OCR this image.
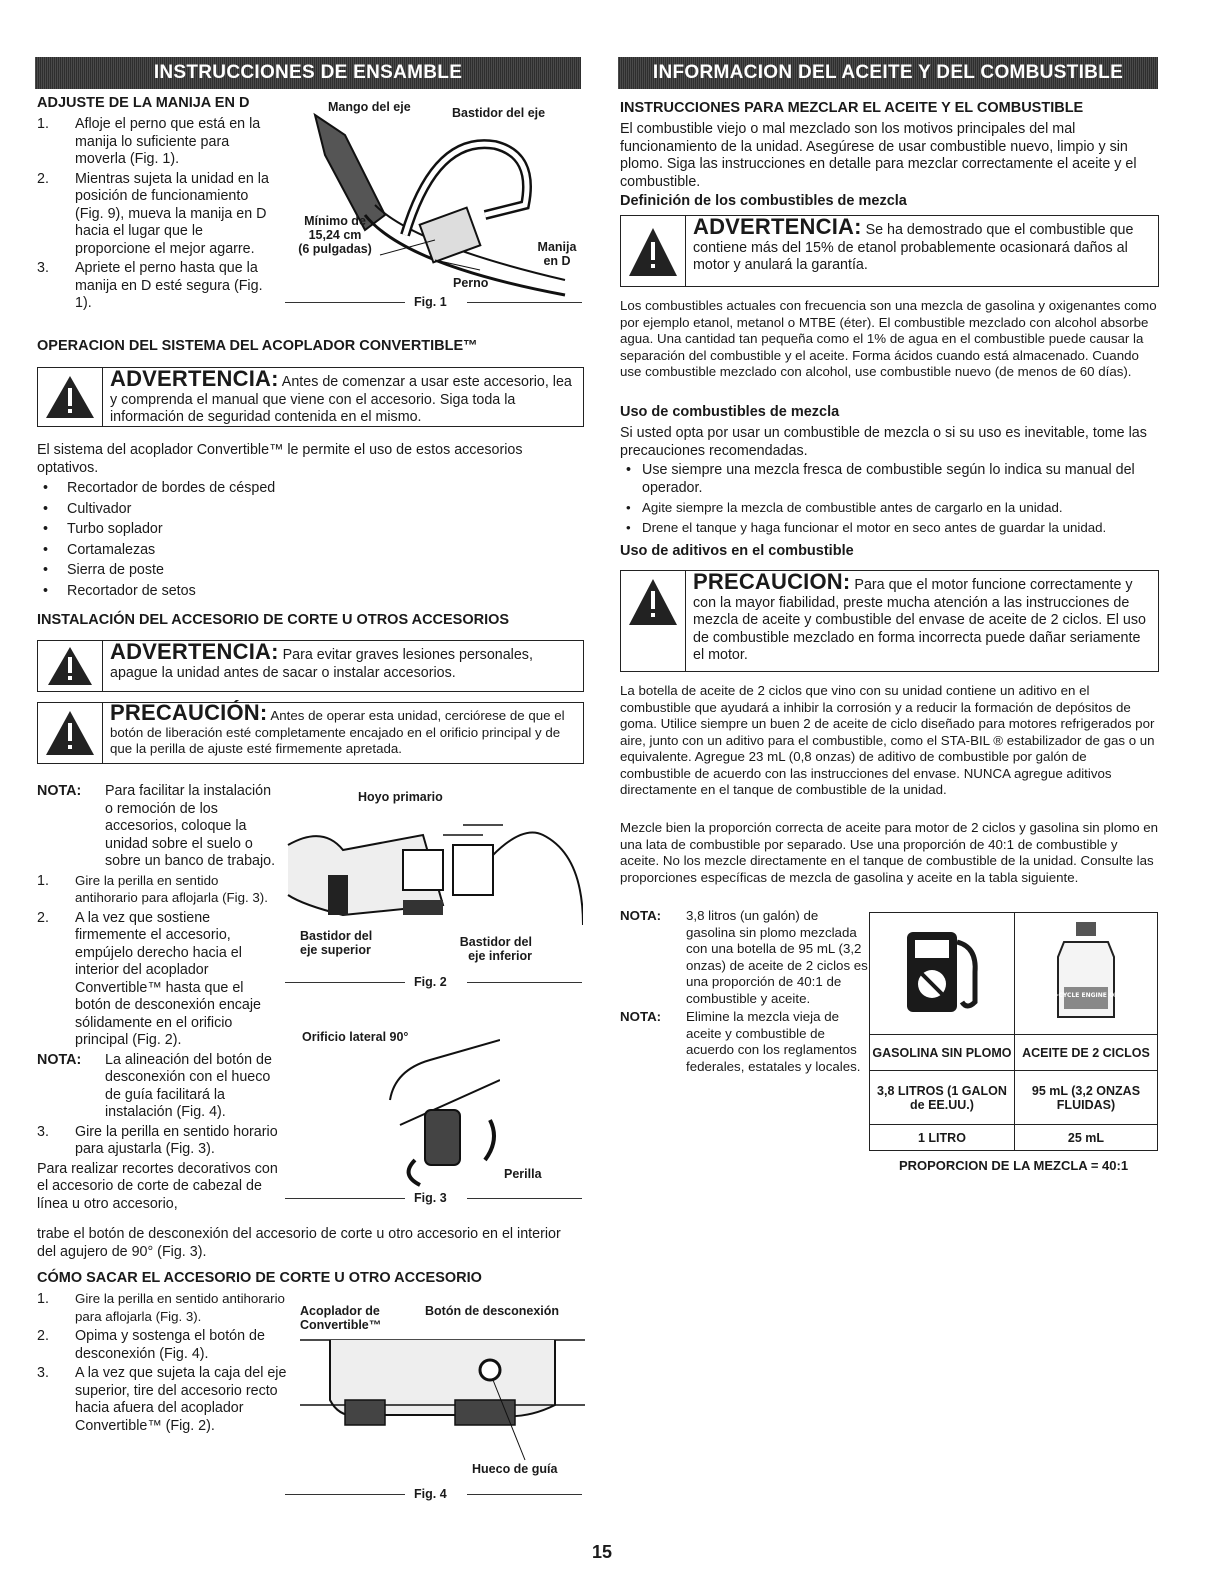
INSTRUCCIONES DE ENSAMBLE	INFORMACION DEL ACEITE Y DEL COMBUSTIBLE
ADJUSTE DE LA MANIJA EN D
1. Afloje el perno que está en la manija lo suficiente para moverla (Fig. 1).
2. Mientras sujeta la unidad en la posición de funcionamiento (Fig. 9), mueva la manija en D hacia el lugar que le proporcione el mejor agarre.
3. Apriete el perno hasta que la manija en D esté segura (Fig. 1).
Mango del eje	Bastidor del eje
Mínimo de
15,24 cm
(6 pulgadas)	Manija
en D
Perno
Fig. 1
OPERACION DEL SISTEMA DEL ACOPLADOR CONVERTIBLE™
ADVERTENCIA: Antes de comenzar a usar este accesorio, lea y comprenda el manual que viene con el accesorio. Siga toda la información de seguridad contenida en el mismo.
El sistema del acoplador Convertible™ le permite el uso de estos accesorios optativos.
• Recortador de bordes de césped
• Cultivador
• Turbo soplador
• Cortamalezas
• Sierra de poste
• Recortador de setos
INSTALACIÓN DEL ACCESORIO DE CORTE U OTROS ACCESORIOS
ADVERTENCIA: Para evitar graves lesiones personales, apague la unidad antes de sacar o instalar accesorios.
PRECAUCIÓN: Antes de operar esta unidad, cerciórese de que el botón de liberación esté completamente encajado en el orificio principal y de que la perilla de ajuste esté firmemente apretada.
NOTA: Para facilitar la instalación o remoción de los accesorios, coloque la unidad sobre el suelo o sobre un banco de trabajo.
1. Gire la perilla en sentido antihorario para aflojarla (Fig. 3).
2. A la vez que sostiene firmemente el accesorio, empújelo derecho hacia el interior del acoplador Convertible™ hasta que el botón de desconexión encaje sólidamente en el orificio principal (Fig. 2).
NOTA: La alineación del botón de desconexión con el hueco de guía facilitará la instalación (Fig. 4).
3. Gire la perilla en sentido horario para ajustarla (Fig. 3).
Para realizar recortes decorativos con el accesorio de corte de cabezal de línea u otro accesorio,
trabe el botón de desconexión del accesorio de corte u otro accesorio en el interior del agujero de 90° (Fig. 3).
Hoyo primario
Bastidor del
eje superior
Bastidor del
eje inferior
Fig. 2
Orificio lateral 90°
Perilla
Fig. 3
CÓMO SACAR EL ACCESORIO DE CORTE U OTRO ACCESORIO
1. Gire la perilla en sentido antihorario para aflojarla (Fig. 3).
2. Opima y sostenga el botón de desconexión (Fig. 4).
3. A la vez que sujeta la caja del eje superior, tire del accesorio recto hacia afuera del acoplador Convertible™ (Fig. 2).
Acoplador de
Convertible™
Botón de desconexión
Hueco de guía
Fig. 4
INSTRUCCIONES PARA MEZCLAR EL ACEITE Y EL COMBUSTIBLE
El combustible viejo o mal mezclado son los motivos principales del mal funcionamiento de la unidad. Asegúrese de usar combustible nuevo, limpio y sin plomo. Siga las instrucciones en detalle para mezclar correctamente el aceite y el combustible.
Definición de los combustibles de mezcla
ADVERTENCIA: Se ha demostrado que el combustible que contiene más del 15% de etanol probablemente ocasionará daños al motor y anulará la garantía.
Los combustibles actuales con frecuencia son una mezcla de gasolina y oxigenantes como por ejemplo etanol, metanol o MTBE (éter). El combustible mezclado con alcohol absorbe agua. Una cantidad tan pequeña como el 1% de agua en el combustible puede causar la separación del combustible y el aceite. Forma ácidos cuando está almacenado. Cuando use combustible mezclado con alcohol, use combustible nuevo (de menos de 60 días).
Uso de combustibles de mezcla
Si usted opta por usar un combustible de mezcla o si su uso es inevitable, tome las precauciones recomendadas.
• Use siempre una mezcla fresca de combustible según lo indica su manual del operador.
• Agite siempre la mezcla de combustible antes de cargarlo en la unidad.
• Drene el tanque y haga funcionar el motor en seco antes de guardar la unidad.
Uso de aditivos en el combustible
PRECAUCION: Para que el motor funcione correctamente y con la mayor fiabilidad, preste mucha atención a las instrucciones de mezcla de aceite y combustible del envase de aceite de 2 ciclos. El uso de combustible mezclado en forma incorrecta puede dañar seriamente el motor.
La botella de aceite de 2 ciclos que vino con su unidad contiene un aditivo en el combustible que ayudará a inhibir la corrosión y a reducir la formación de depósitos de goma. Utilice siempre un buen 2 de aceite de ciclo diseñado para motores refrigerados por aire, junto con un aditivo para el combustible, como el STA-BIL ® estabilizador de gas o un equivalente. Agregue 23 mL (0,8 onzas) de aditivo de combustible por galón de combustible de acuerdo con las instrucciones del envase. NUNCA agregue aditivos directamente en el tanque de combustible de la unidad.
Mezcle bien la proporción correcta de aceite para motor de 2 ciclos y gasolina sin plomo en una lata de combustible por separado. Use una proporción de 40:1 de combustible y aceite. No los mezcle directamente en el tanque de combustible de la unidad. Consulte las proporciones específicas de mezcla de gasolina y aceite en la tabla siguiente.
NOTA: 3,8 litros (un galón) de gasolina sin plomo mezclada con una botella de 95 mL (3,2 onzas) de aceite de 2 ciclos es una proporción de 40:1 de combustible y aceite.
NOTA: Elimine la mezcla vieja de aceite y combustible de acuerdo con los reglamentos federales, estatales y locales.

2-CYCLE ENGINE OIL

GASOLINA SIN PLOMO	ACEITE DE 2 CICLOS
3,8 LITROS (1 GALON de EE.UU.)	95 mL (3,2 ONZAS FLUIDAS)
1 LITRO	25 mL
PROPORCION DE LA MEZCLA = 40:1
15
